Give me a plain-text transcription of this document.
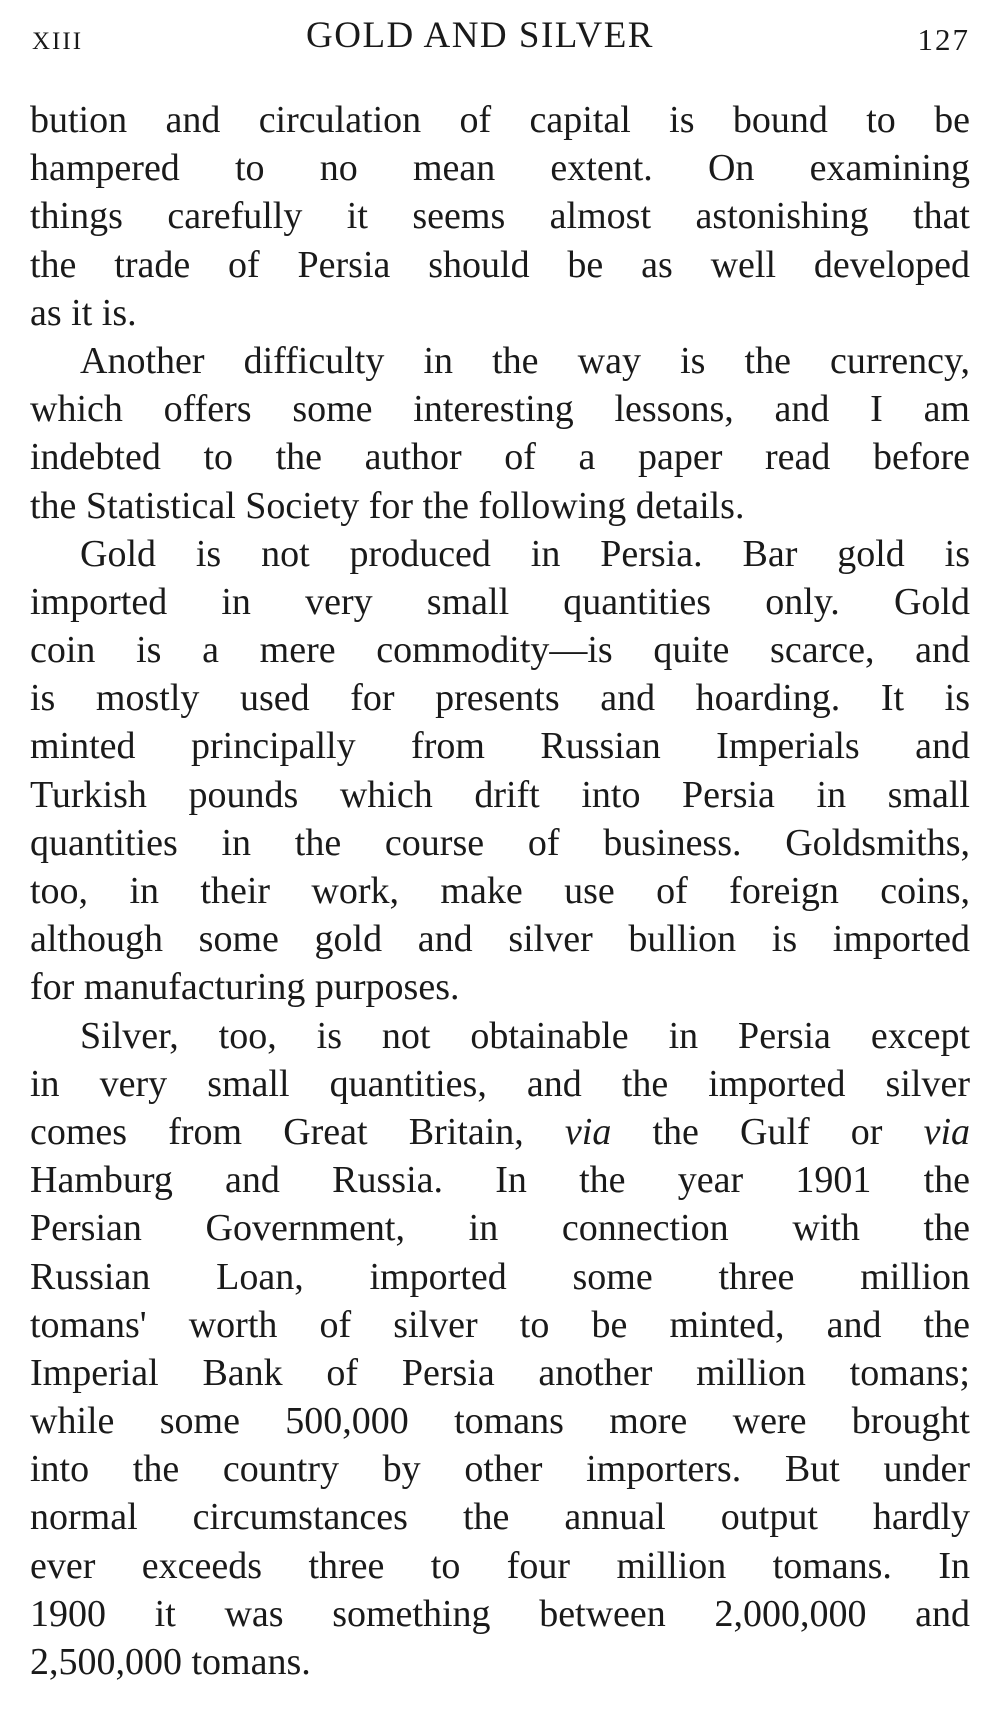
XIII	GOLD AND SILVER	127
bution and circulation of capital is bound to be
hampered to no mean extent. On examining
things carefully it seems almost astonishing that
the trade of Persia should be as well developed
as it is.
Another difficulty in the way is the currency,
which offers some interesting lessons, and I am
indebted to the author of a paper read before
the Statistical Society for the following details.
Gold is not produced in Persia. Bar gold is
imported in very small quantities only. Gold
coin is a mere commodity—is quite scarce, and
is mostly used for presents and hoarding. It is
minted principally from Russian Imperials and
Turkish pounds which drift into Persia in small
quantities in the course of business. Goldsmiths,
too, in their work, make use of foreign coins,
although some gold and silver bullion is imported
for manufacturing purposes.
Silver, too, is not obtainable in Persia except
in very small quantities, and the imported silver
comes from Great Britain, via the Gulf or via
Hamburg and Russia. In the year 1901 the
Persian Government, in connection with the
Russian Loan, imported some three million
tomans' worth of silver to be minted, and the
Imperial Bank of Persia another million tomans;
while some 500,000 tomans more were brought
into the country by other importers. But under
normal circumstances the annual output hardly
ever exceeds three to four million tomans. In
1900 it was something between 2,000,000 and
2,500,000 tomans.
